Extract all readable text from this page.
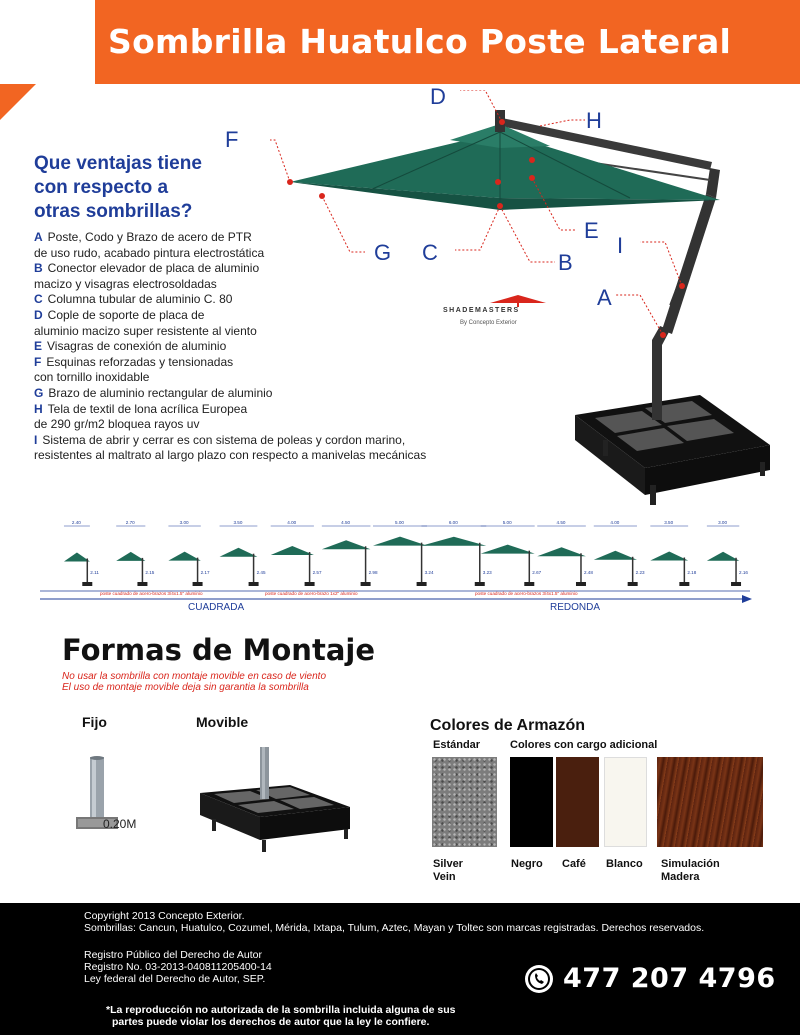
Sombrilla Huatulco Poste Lateral
Que ventajas tiene
con respecto a
otras sombrillas?
A Poste, Codo y Brazo de acero de PTR
de uso rudo, acabado pintura electrostática
B Conector elevador de placa de aluminio
macizo y visagras electrosoldadas
C Columna tubular de aluminio C. 80
D Cople de soporte de placa de
aluminio macizo super resistente al viento
E Visagras de conexión de aluminio
F Esquinas reforzadas y tensionadas
con tornillo inoxidable
G Brazo de aluminio rectangular de aluminio
H Tela de textil de lona acrílica Europea
de 290 gr/m2 bloquea rayos uv
I Sistema de abrir y cerrar es con sistema de poleas y cordon marino,
resistentes al maltrato al largo plazo con respecto a manivelas mecánicas
F
G C	B
D
H
E
I
A
SHADEMASTERS
By Concepto Exterior
2.40
2.11
2.70
2.15
3.00
2.17
3.50
2.45
4.00
2.57
4.50
2.98
5.00
3.24
6.00
3.23
5.00
2.67
4.50
2.48
4.00
2.23
3.50
2.18
3.00
2.16
poste cuadrado de acero-brazos 3/4x1.5" aluminio	poste cuadrado de acero-brazo 1x2" aluminio	poste cuadrado de acero-brazos 3/4x1.5" aluminio
CUADRADA	REDONDA
Formas de Montaje
No usar la sombrilla con montaje movible en caso de viento
El uso de montaje movible deja sin garantia la sombrilla
Fijo	Movible
0.20M
Colores de Armazón
Estándar	Colores con cargo adicional
Silver
Vein
Negro Café Blanco Simulación
Madera
Copyright 2013 Concepto Exterior.
Sombrillas: Cancun, Huatulco, Cozumel, Mérida, Ixtapa, Tulum, Aztec, Mayan y Toltec son marcas registradas. Derechos reservados.
Registro Público del Derecho de Autor
Registro No. 03-2013-040811205400-14
Ley federal del Derecho de Autor, SEP.	477 207 4796
*La reproducción no autorizada de la sombrilla incluida alguna de sus
partes puede violar los derechos de autor que la ley le confiere.
